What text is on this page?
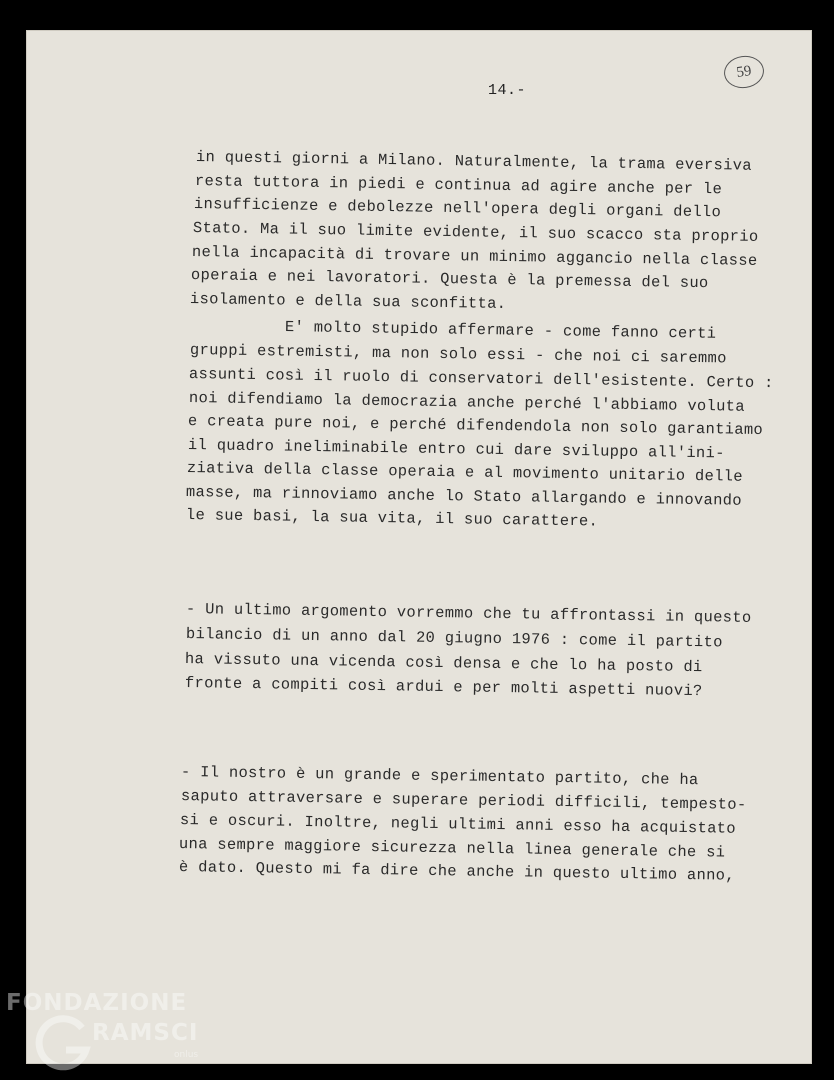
14.-
59
in questi giorni a Milano. Naturalmente, la trama eversiva
resta tuttora in piedi e continua ad agire anche per le
insufficienze e debolezze nell'opera degli organi dello
Stato. Ma il suo limite evidente, il suo scacco sta proprio
nella incapacità di trovare un minimo aggancio nella classe
operaia e nei lavoratori. Questa è la premessa del suo
isolamento e della sua sconfitta.
E' molto stupido affermare - come fanno certi
gruppi estremisti, ma non solo essi - che noi ci saremmo
assunti così il ruolo di conservatori dell'esistente. Certo :
noi difendiamo la democrazia anche perché l'abbiamo voluta
e creata pure noi, e perché difendendola non solo garantiamo
il quadro ineliminabile entro cui dare sviluppo all'ini-
ziativa della classe operaia e al movimento unitario delle
masse, ma rinnoviamo anche lo Stato allargando e innovando
le sue basi, la sua vita, il suo carattere.
- Un ultimo argomento vorremmo che tu affrontassi in questo
bilancio di un anno dal 20 giugno 1976 : come il partito
ha vissuto una vicenda così densa e che lo ha posto di
fronte a compiti così ardui e per molti aspetti nuovi?
- Il nostro è un grande e sperimentato partito, che ha
saputo attraversare e superare periodi difficili, tempesto-
si e oscuri. Inoltre, negli ultimi anni esso ha acquistato
una sempre maggiore sicurezza nella linea generale che si
è dato. Questo mi fa dire che anche in questo ultimo anno,
FONDAZIONE
RAMSCI
onlus
